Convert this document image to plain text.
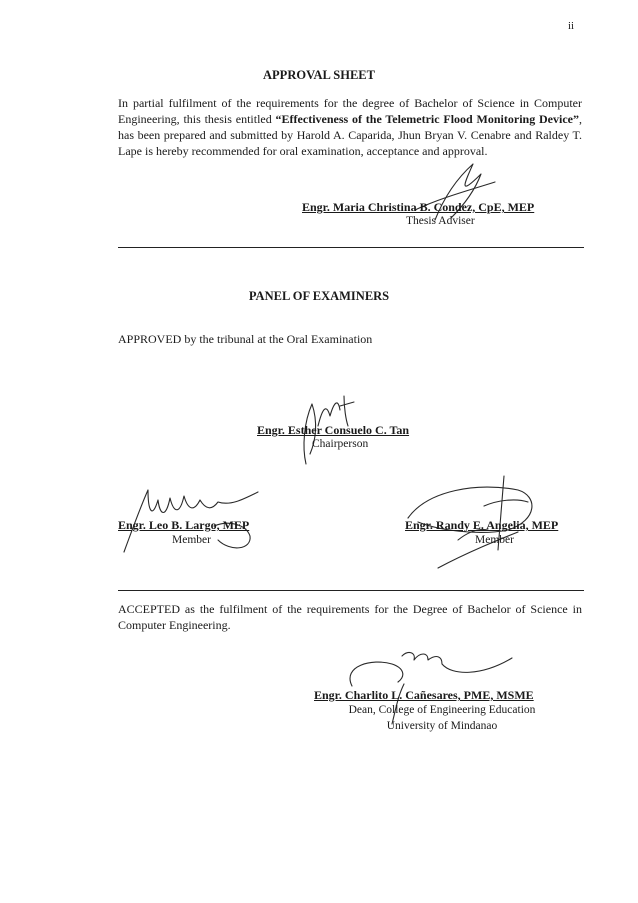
ii
APPROVAL SHEET

In partial fulfilment of the requirements for the degree of Bachelor of Science in Computer Engineering, this thesis entitled “Effectiveness of the Telemetric Flood Monitoring Device”, has been prepared and submitted by Harold A. Caparida, Jhun Bryan V. Cenabre and Raldey T. Lape is hereby recommended for oral examination, acceptance and approval.

Engr. Maria Christina B. Condez, CpE, MEP
Thesis Adviser
PANEL OF EXAMINERS

APPROVED by the tribunal at the Oral Examination

Engr. Esther Consuelo C. Tan
Chairperson
Engr. Leo B. Largo, MEP
Member
Engr. Randy E. Angelia, MEP
Member

ACCEPTED as the fulfilment of the requirements for the Degree of Bachelor of Science in Computer Engineering.

Engr. Charlito L. Cañesares, PME, MSME
Dean, College of Engineering Education
University of Mindanao
